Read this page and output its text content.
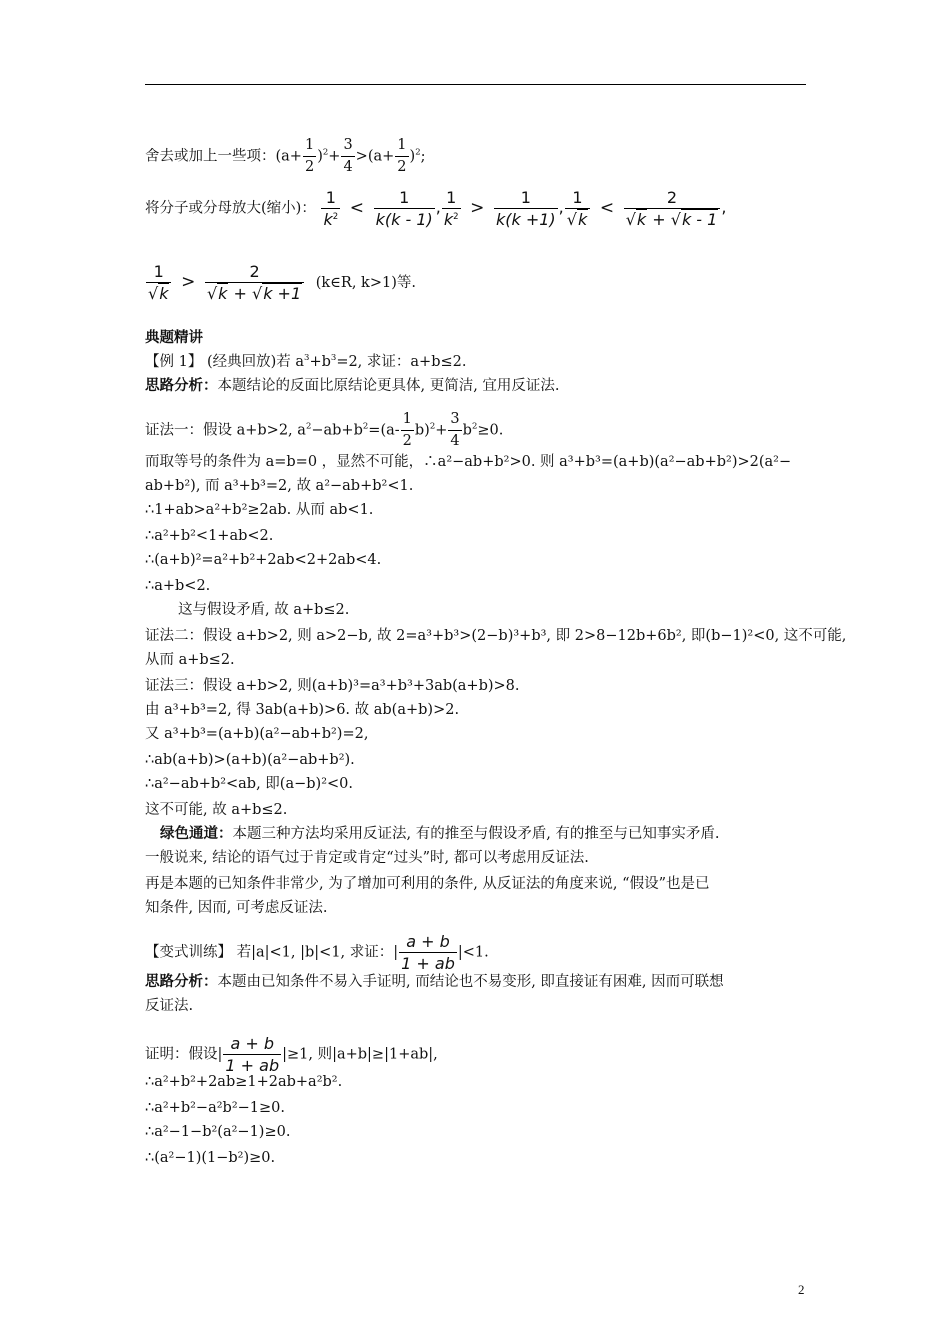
舍去或加上一些项：$(a+ \frac{1}{2} )^2+ \frac{3}{4} >(a+ \frac{1}{2} )^2$;
将分子或分母放大(缩小)： $\frac{1}{k^2} < \frac{1}{k(k - 1)}$ , $\frac{1}{k^2} > \frac{1}{k(k +1)}$ , $\frac{1}{√k} < \frac{2}{√k + √k - 1}$ ,
$\frac{1}{√k} > \frac{2}{√k + √k +1}$ (k∈R, k>1)等.
典题精讲
【例 1】 (经典回放)若 $a^3+b^3=2$, 求证：a+b≤2.
思路分析：本题结论的反面比原结论更具体, 更简洁, 宜用反证法.
证法一：假设 a+b>2, $a^2-ab+b^2=(a- \frac{1}{2} b)^2+ \frac{3}{4} b^2\ge 0$.
而取等号的条件为 a=b=0 ，显然不可能，∴a²−ab+b²>0. 则 a³+b³=(a+b)(a²−ab+b²)>2(a²−
ab+b²), 而 a³+b³=2, 故 a²−ab+b²<1.
∴1+ab>a²+b²≥2ab. 从而 ab<1.
∴a²+b²<1+ab<2.
∴(a+b)²=a²+b²+2ab<2+2ab<4.
∴a+b<2.
这与假设矛盾, 故 a+b≤2.
证法二：假设 a+b>2, 则 a>2−b, 故 2=a³+b³>(2−b)³+b³, 即 2>8−12b+6b², 即(b−1)²<0, 这不可能,
从而 a+b≤2.
证法三：假设 a+b>2, 则(a+b)³=a³+b³+3ab(a+b)>8.
由 a³+b³=2, 得 3ab(a+b)>6. 故 ab(a+b)>2.
又 a³+b³=(a+b)(a²−ab+b²)=2,
∴ab(a+b)>(a+b)(a²−ab+b²).
∴a²−ab+b²<ab, 即(a−b)²<0.
这不可能, 故 a+b≤2.
绿色通道：本题三种方法均采用反证法, 有的推至与假设矛盾, 有的推至与已知事实矛盾.
一般说来, 结论的语气过于肯定或肯定“过头”时, 都可以考虑用反证法.
再是本题的已知条件非常少, 为了增加可利用的条件, 从反证法的角度来说, “假设”也是已
知条件, 因而, 可考虑反证法.
【变式训练】 若|a|<1, |b|<1, 求证：| $\frac{a + b}{1 + ab} |<1$.
思路分析：本题由已知条件不易入手证明, 而结论也不易变形, 即直接证有困难, 因而可联想
反证法.
证明：假设| $\frac{a + b}{1 + ab} |\ge 1$, 则|a+b|≥|1+ab|,
∴a²+b²+2ab≥1+2ab+a²b².
∴a²+b²−a²b²−1≥0.
∴a²−1−b²(a²−1)≥0.
∴(a²−1)(1−b²)≥0.
2
